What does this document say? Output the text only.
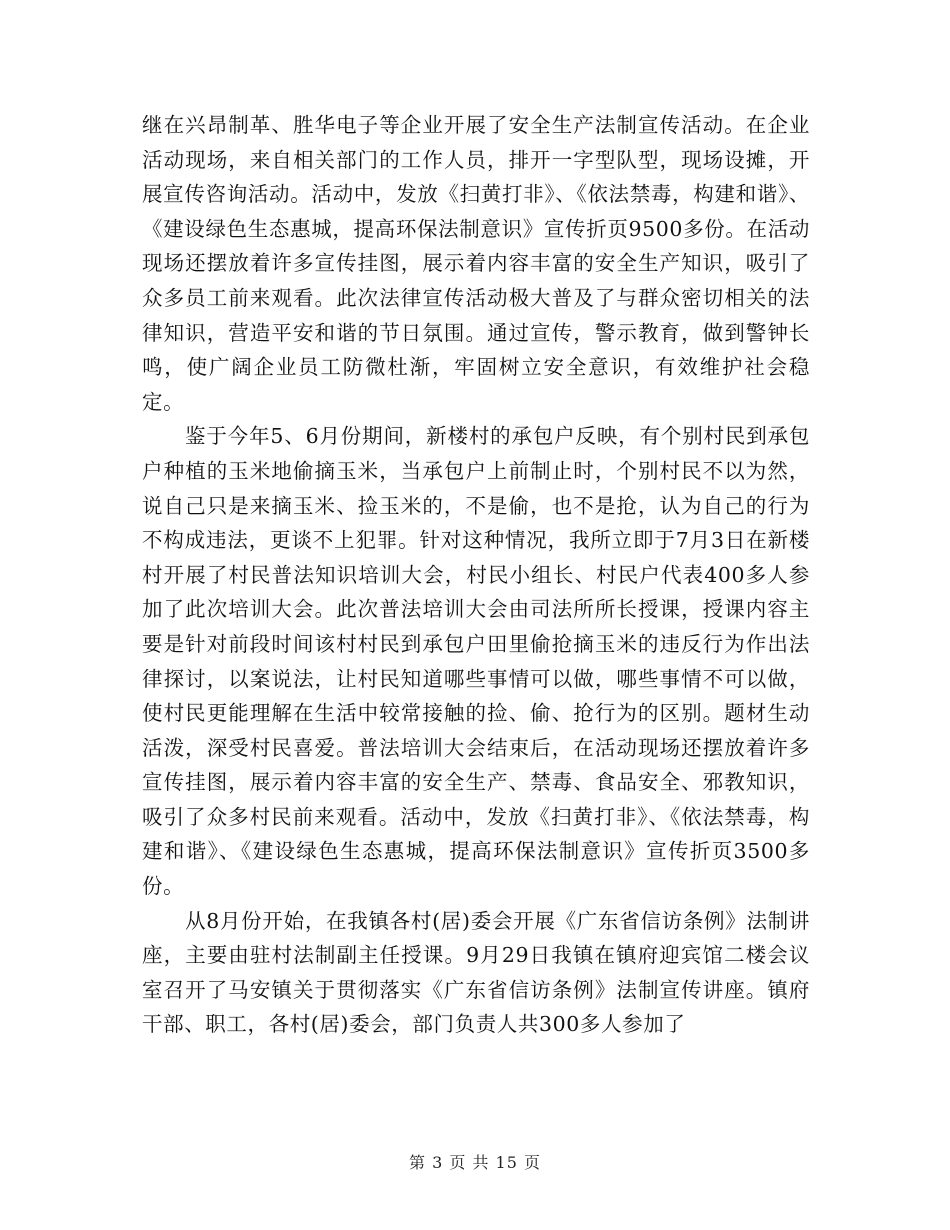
继在兴昂制革、胜华电子等企业开展了安全生产法制宣传活动。在企业活动现场，来自相关部门的工作人员，排开一字型队型，现场设摊，开展宣传咨询活动。活动中，发放《扫黄打非》、《依法禁毒，构建和谐》、《建设绿色生态惠城，提高环保法制意识》宣传折页9500多份。在活动现场还摆放着许多宣传挂图，展示着内容丰富的安全生产知识，吸引了众多员工前来观看。此次法律宣传活动极大普及了与群众密切相关的法律知识，营造平安和谐的节日氛围。通过宣传，警示教育，做到警钟长鸣，使广阔企业员工防微杜渐，牢固树立安全意识，有效维护社会稳定。

鉴于今年5、6月份期间，新楼村的承包户反映，有个别村民到承包户种植的玉米地偷摘玉米，当承包户上前制止时，个别村民不以为然，说自己只是来摘玉米、捡玉米的，不是偷，也不是抢，认为自己的行为不构成违法，更谈不上犯罪。针对这种情况，我所立即于7月3日在新楼村开展了村民普法知识培训大会，村民小组长、村民户代表400多人参加了此次培训大会。此次普法培训大会由司法所所长授课，授课内容主要是针对前段时间该村村民到承包户田里偷抢摘玉米的违反行为作出法律探讨，以案说法，让村民知道哪些事情可以做，哪些事情不可以做，使村民更能理解在生活中较常接触的捡、偷、抢行为的区别。题材生动活泼，深受村民喜爱。普法培训大会结束后，在活动现场还摆放着许多宣传挂图，展示着内容丰富的安全生产、禁毒、食品安全、邪教知识，吸引了众多村民前来观看。活动中，发放《扫黄打非》、《依法禁毒，构建和谐》、《建设绿色生态惠城，提高环保法制意识》宣传折页3500多份。

从8月份开始，在我镇各村(居)委会开展《广东省信访条例》法制讲座，主要由驻村法制副主任授课。9月29日我镇在镇府迎宾馆二楼会议室召开了马安镇关于贯彻落实《广东省信访条例》法制宣传讲座。镇府干部、职工，各村(居)委会，部门负责人共300多人参加了

第 3 页 共 15 页
